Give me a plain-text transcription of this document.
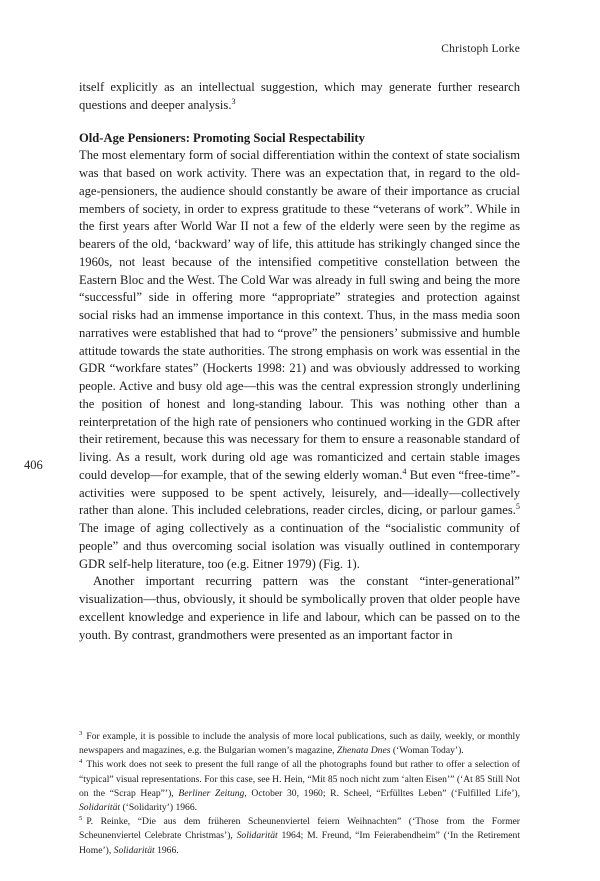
Christoph Lorke
406

itself explicitly as an intellectual suggestion, which may generate further research questions and deeper analysis.$^3$

Old-Age Pensioners: Promoting Social Respectability

The most elementary form of social differentiation within the context of state socialism was that based on work activity. There was an expectation that, in regard to the old-age-pensioners, the audience should constantly be aware of their importance as crucial members of society, in order to express gratitude to these “veterans of work”. While in the first years after World War II not a few of the elderly were seen by the regime as bearers of the old, ‘backward’ way of life, this attitude has strikingly changed since the 1960s, not least because of the intensified competitive constellation between the Eastern Bloc and the West. The Cold War was already in full swing and being the more “successful” side in offering more “appropriate” strategies and protection against social risks had an immense importance in this context. Thus, in the mass media soon narratives were established that had to “prove” the pensioners’ submissive and humble attitude towards the state authorities. The strong emphasis on work was essential in the GDR “workfare states” (Hockerts 1998: 21) and was obviously addressed to working people. Active and busy old age—this was the central expression strongly underlining the position of honest and long-standing labour. This was nothing other than a reinterpretation of the high rate of pensioners who continued working in the GDR after their retirement, because this was necessary for them to ensure a reasonable standard of living. As a result, work during old age was romanticized and certain stable images could develop—for example, that of the sewing elderly woman.$^4$ But even “free-time”-activities were supposed to be spent actively, leisurely, and—ideally—collectively rather than alone. This included celebrations, reader circles, dicing, or parlour games.$^5$ The image of aging collectively as a continuation of the “socialistic community of people” and thus overcoming social isolation was visually outlined in contemporary GDR self-help literature, too (e.g. Eitner 1979) (Fig. 1).

Another important recurring pattern was the constant “inter-generational” visualization—thus, obviously, it should be symbolically proven that older people have excellent knowledge and experience in life and labour, which can be passed on to the youth. By contrast, grandmothers were presented as an important factor in

$^3$ For example, it is possible to include the analysis of more local publications, such as daily, weekly, or monthly newspapers and magazines, e.g. the Bulgarian women’s magazine, Zhenata Dnes (‘Woman Today’).

$^4$ This work does not seek to present the full range of all the photographs found but rather to offer a selection of “typical” visual representations. For this case, see H. Hein, “Mit 85 noch nicht zum ‘alten Eisen’” (‘At 85 Still Not on the “Scrap Heap”’), Berliner Zeitung, October 30, 1960; R. Scheel, “Erfülltes Leben” (‘Fulfilled Life’), Solidarität (‘Solidarity’) 1966.

$^5$ P. Reinke, “Die aus dem früheren Scheunenviertel feiern Weihnachten” (‘Those from the Former Scheunenviertel Celebrate Christmas’), Solidarität 1964; M. Freund, “Im Feierabendheim” (‘In the Retirement Home’), Solidarität 1966.
